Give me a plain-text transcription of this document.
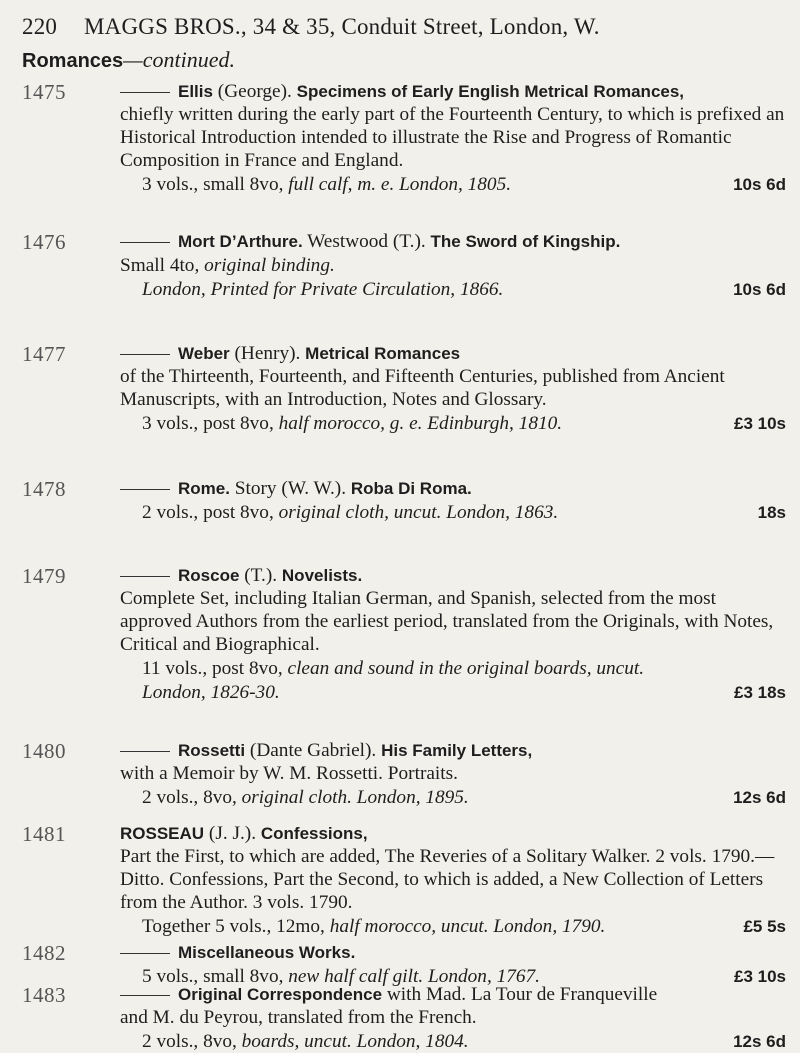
220 MAGGS BROS., 34 & 35, Conduit Street, London, W.
Romances—continued.
1475	Ellis (George). Specimens of Early English Metrical Romances,
chiefly written during the early part of the Fourteenth Century, to which is prefixed an Historical Introduction intended to illustrate the Rise and Progress of Romantic Composition in France and England.
3 vols., small 8vo, full calf, m. e. London, 1805.	10s 6d
1476	Mort D’Arthure. Westwood (T.). The Sword of Kingship.
Small 4to, original binding.
London, Printed for Private Circulation, 1866.	10s 6d
1477	Weber (Henry). Metrical Romances
of the Thirteenth, Fourteenth, and Fifteenth Centuries, published from Ancient Manuscripts, with an Introduction, Notes and Glossary.
3 vols., post 8vo, half morocco, g. e. Edinburgh, 1810.	£3 10s
1478	Rome. Story (W. W.). Roba Di Roma.
2 vols., post 8vo, original cloth, uncut. London, 1863.	18s
1479	Roscoe (T.). Novelists.
Complete Set, including Italian German, and Spanish, selected from the most approved Authors from the earliest period, translated from the Originals, with Notes, Critical and Biographical.
11 vols., post 8vo, clean and sound in the original boards, uncut.
London, 1826-30.	£3 18s
1480	Rossetti (Dante Gabriel). His Family Letters,
with a Memoir by W. M. Rossetti. Portraits.
2 vols., 8vo, original cloth. London, 1895.	12s 6d
1481	ROSSEAU (J. J.). Confessions,
Part the First, to which are added, The Reveries of a Solitary Walker. 2 vols. 1790.—Ditto. Confessions, Part the Second, to which is added, a New Collection of Letters from the Author. 3 vols. 1790.
Together 5 vols., 12mo, half morocco, uncut. London, 1790.	£5 5s
1482	Miscellaneous Works.
5 vols., small 8vo, new half calf gilt. London, 1767.	£3 10s
1483	Original Correspondence with Mad. La Tour de Franqueville
and M. du Peyrou, translated from the French.
2 vols., 8vo, boards, uncut. London, 1804.	12s 6d
